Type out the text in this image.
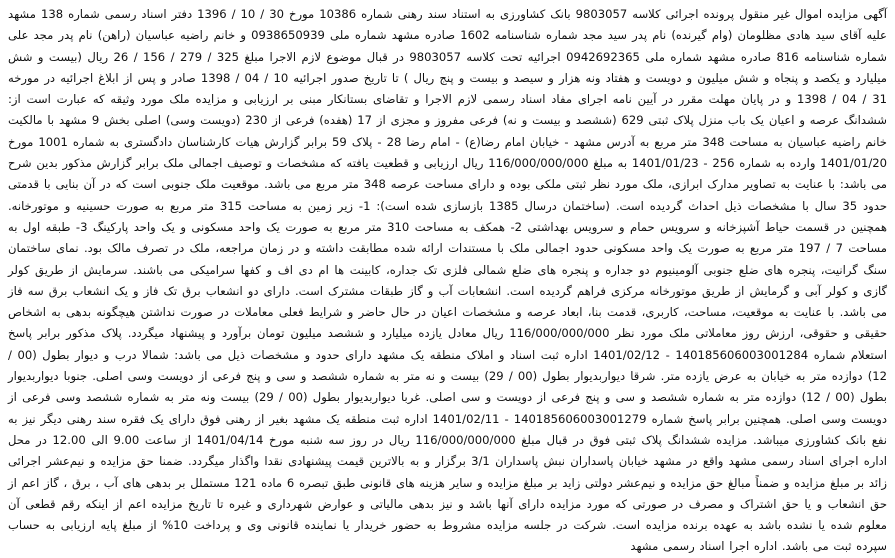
آگهی مزایده اموال غیر منقول پرونده اجرائی کلاسه 9803057 بانک کشاورزی به استناد سند رهنی شماره 10386 مورخ 30 / 10 / 1396 دفتر اسناد رسمی شماره 138 مشهد علیه آقای سید هادی مظلومان (وام گیرنده) نام پدر سید مجد شماره شناسنامه 1602 صادره مشهد شماره ملی 0938650939 و خانم راضیه عباسیان (راهن) نام پدر مجد علی شماره شناسنامه 816 صادره مشهد شماره ملی 0942692365 اجرائیه تحت کلاسه 9803057 در قبال موضوع لازم الاجرا مبلغ 325 / 279 / 156 / 26 ریال (بیست و شش میلیارد و یکصد و پنجاه و شش میلیون و دویست و هفتاد ونه هزار و سیصد و بیست و پنج ریال ) تا تاریخ صدور اجرائیه 10 / 04 / 1398 صادر و پس از ابلاغ اجرائیه در مورخه 31 / 04 / 1398 و در پایان مهلت مقرر در آیین نامه اجرای مفاد اسناد رسمی لازم الاجرا و تقاضای بستانکار مبنی بر ارزیابی و مزایده ملک مورد وثیقه که عبارت است از: ششدانگ عرصه و اعیان یک باب منزل پلاک ثبتی 629 (ششصد و بیست و نه) فرعی مفروز و مجزی از 17 (هفده) فرعی از 230 (دویست وسی) اصلی بخش 9 مشهد با مالکیت خانم راضیه عباسیان به مساحت 348 متر مربع به آدرس مشهد - خیابان امام رضا(ع) - امام رضا 28 - پلاک 59 برابر گزارش هیات کارشناسان دادگستری به شماره 1001 مورخ 1401/01/20 وارده به شماره 256 - 1401/01/23 به مبلغ 116/000/000/000 ریال ارزیابی و قطعیت یافته که مشخصات و توصیف اجمالی ملک برابر گزارش مذکور بدین شرح می باشد: با عنایت به تصاویر مدارک ابرازی، ملک مورد نظر ثبتی ملکی بوده و دارای مساحت عرصه 348 متر مربع می باشد. موقعیت ملک جنوبی است که در آن بنایی با قدمتی حدود 35 سال با مشخصات ذیل احداث گردیده است. (ساختمان درسال 1385 بازسازی شده است): 1- زیر زمین به مساحت 315 متر مربع به صورت حسینیه و موتورخانه. همچنین در قسمت حیاط آشپزخانه و سرویس حمام و سرویس بهداشتی 2- همکف به مساحت 310 متر مربع به صورت یک واحد مسکونی و یک واحد پارکینگ 3- طبقه اول به مساحت 7 / 197 متر مربع به صورت یک واحد مسکونی حدود اجمالی ملک با مستندات ارائه شده مطابقت داشته و در زمان مراجعه، ملک در تصرف مالک بود. نمای ساختمان سنگ گرانیت، پنجره های ضلع جنوبی آلومینیوم دو جداره و پنجره های ضلع شمالی فلزی تک جداره، کابینت ها ام دی اف و کفها سرامیکی می باشند. سرمایش از طریق کولر گازی و کولر آبی و گرمایش از طریق موتورخانه مرکزی فراهم گردیده است. انشعابات آب و گاز طبقات مشترک است. دارای دو انشعاب برق تک فاز و یک انشعاب برق سه فاز می باشد. با عنایت به موقعیت، مساحت، کاربری، قدمت بنا، ابعاد عرصه و مشخصات اعیان در حال حاضر و شرایط فعلی معاملات در صورت نداشتن هیچگونه بدهی به اشخاص حقیقی و حقوقی، ارزش روز معاملاتی ملک مورد نظر 116/000/000/000 ریال معادل یازده میلیارد و ششصد میلیون تومان برآورد و پیشنهاد میگردد. پلاک مذکور برابر پاسخ استعلام شماره 140185606003001284 - 1401/02/12 اداره ثبت اسناد و املاک منطقه یک مشهد دارای حدود و مشخصات ذیل می باشد: شمالا درب و دیوار بطول (00 / 12) دوازده متر به خیابان به عرض یازده متر. شرقا دیواربدیوار بطول (00 / 29) بیست و نه متر به شماره ششصد و سی و پنج فرعی از دویست وسی اصلی. جنوبا دیواربدیوار بطول (00 / 12) دوازده متر به شماره ششصد و سی و پنج فرعی از دویست و سی اصلی. غربا دیواربدیوار بطول (00 / 29) بیست ونه متر به شماره ششصد وسی فرعی از دویست وسی اصلی. همچنین برابر پاسخ شماره 140185606003001279 - 1401/02/11 اداره ثبت منطقه یک مشهد بغیر از رهنی فوق دارای یک فقره سند رهنی دیگر نیز به نفع بانک کشاورزی میباشد. مزایده ششدانگ پلاک ثبتی فوق در قبال مبلغ 116/000/000/000 ریال در روز سه شنبه مورخ 1401/04/14 از ساعت 9.00 الی 12.00 در محل اداره اجرای اسناد رسمی مشهد واقع در مشهد خیابان پاسداران نبش پاسداران 3/1 برگزار و به بالاترین قیمت پیشنهادی نقدا واگذار میگردد. ضمنا حق مزایده و نیم‌عشر اجرائی زائد بر مبلغ مزایده و ضمناً مبالغ حق مزایده و نیم‌عشر دولتی زاید بر مبلغ مزایده و سایر هزینه های قانونی طبق تبصره 6 ماده 121 مستملل بر بدهی های آب ، برق ، گاز اعم از حق انشعاب و یا حق اشتراک و مصرف در صورتی که مورد مزایده دارای آنها باشد و نیز بدهی مالیاتی و عوارض شهرداری و غیره تا تاریخ مزایده اعم از اینکه رقم قطعی آن معلوم شده یا نشده باشد به عهده برنده مزایده است. شرکت در جلسه مزایده مشروط به حضور خریدار یا نماینده قانونی وی و پرداخت 10% از مبلغ پایه ارزیابی به حساب سپرده ثبت می باشد. اداره اجرا اسناد رسمی مشهد
